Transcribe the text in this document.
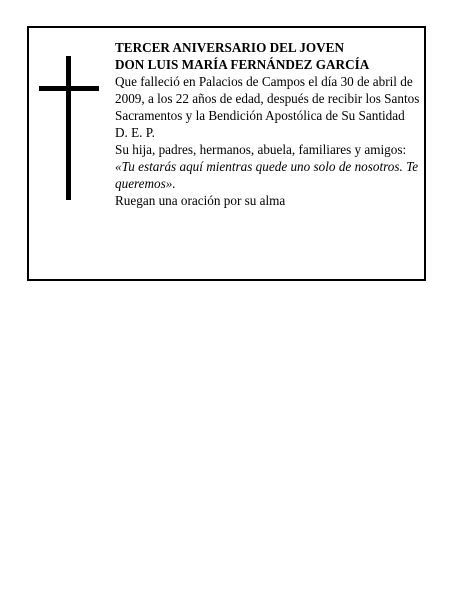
TERCER ANIVERSARIO DEL JOVEN

DON LUIS MARÍA FERNÁNDEZ GARCÍA

Que falleció en Palacios de Campos el día 30 de abril de 2009, a los 22 años de edad, después de recibir los Santos Sacramentos y la Bendición Apostólica de Su Santidad

D. E. P.

Su hija, padres, hermanos, abuela, familiares y amigos:

«Tu estarás aquí mientras quede uno solo de nosotros. Te queremos».

Ruegan una oración por su alma
